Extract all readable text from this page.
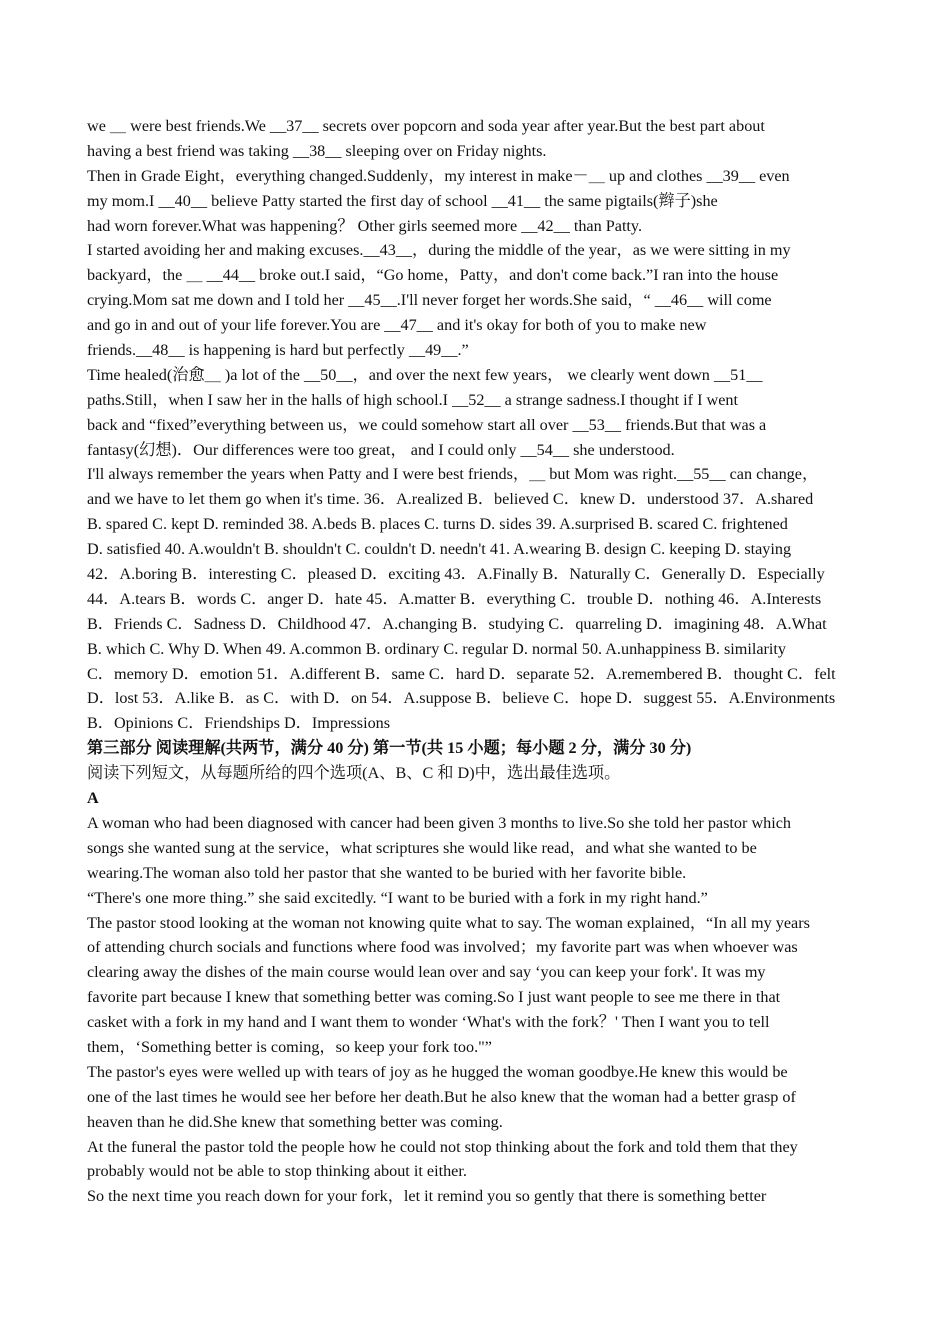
we ＿ were best friends.We __37__ secrets over popcorn and soda year after year.But the best part about
having a best friend was taking __38__ sleeping over on Friday nights.
Then in Grade Eight，everything changed.Suddenly，my interest in make－＿ up and clothes __39__ even
my mom.I __40__ believe Patty started the first day of school __41__ the same pigtails(辫子)she
had worn forever.What was happening？ Other girls seemed more __42__ than Patty.
I started avoiding her and making excuses.__43__，during the middle of the year，as we were sitting in my
backyard，the ＿ __44__ broke out.I said，“Go home，Patty，and don't come back.”I ran into the house
crying.Mom sat me down and I told her __45__.I'll never forget her words.She said，“ __46__ will come
and go in and out of your life forever.You are __47__ and it's okay for both of you to make new
friends.__48__ is happening is hard but perfectly __49__.”
Time healed(治愈＿ )a lot of the __50__，and over the next few years， we clearly went down __51__
paths.Still，when I saw her in the halls of high school.I __52__ a strange sadness.I thought if I went
back and “fixed”everything between us，we could somehow start all over __53__ friends.But that was a
fantasy(幻想)．Our differences were too great， and I could only __54__ she understood.
I'll always remember the years when Patty and I were best friends，＿ but Mom was right.__55__ can change，
and we have to let them go when it's time. 36．A.realized B．believed C．knew D．understood 37．A.shared
B. spared C. kept D. reminded 38. A.beds B. places C. turns D. sides 39. A.surprised B. scared C. frightened
D. satisfied 40. A.wouldn't B. shouldn't C. couldn't D. needn't 41. A.wearing B. design C. keeping D. staying
42．A.boring B．interesting C．pleased D．exciting 43．A.Finally B．Naturally C．Generally D．Especially
44．A.tears B．words C．anger D．hate 45．A.matter B．everything C．trouble D．nothing 46．A.Interests
B．Friends C．Sadness D．Childhood 47．A.changing B．studying C．quarreling D．imagining 48．A.What
B. which C. Why D. When 49. A.common B. ordinary C. regular D. normal 50. A.unhappiness B. similarity
C．memory D．emotion 51．A.different B．same C．hard D．separate 52．A.remembered B．thought C．felt
D．lost 53．A.like B．as C．with D．on 54．A.suppose B．believe C．hope D．suggest 55．A.Environments
B．Opinions C．Friendships D．Impressions
第三部分 阅读理解(共两节，满分 40 分) 第一节(共 15 小题；每小题 2 分，满分 30 分)
阅读下列短文，从每题所给的四个选项(A、B、C 和 D)中，选出最佳选项。
A
A woman who had been diagnosed with cancer had been given 3 months to live.So she told her pastor which
songs she wanted sung at the service，what scriptures she would like read，and what she wanted to be
wearing.The woman also told her pastor that she wanted to be buried with her favorite bible.
“There's one more thing.” she said excitedly. “I want to be buried with a fork in my right hand.”
The pastor stood looking at the woman not knowing quite what to say. The woman explained，“In all my years
of attending church socials and functions where food was involved；my favorite part was when whoever was
clearing away the dishes of the main course would lean over and say ‘you can keep your fork'. It was my
favorite part because I knew that something better was coming.So I just want people to see me there in that
casket with a fork in my hand and I want them to wonder ‘What's with the fork？' Then I want you to tell
them，‘Something better is coming，so keep your fork too."”
The pastor's eyes were welled up with tears of joy as he hugged the woman goodbye.He knew this would be
one of the last times he would see her before her death.But he also knew that the woman had a better grasp of
heaven than he did.She knew that something better was coming.
At the funeral the pastor told the people how he could not stop thinking about the fork and told them that they
probably would not be able to stop thinking about it either.
So the next time you reach down for your fork，let it remind you so gently that there is something better
